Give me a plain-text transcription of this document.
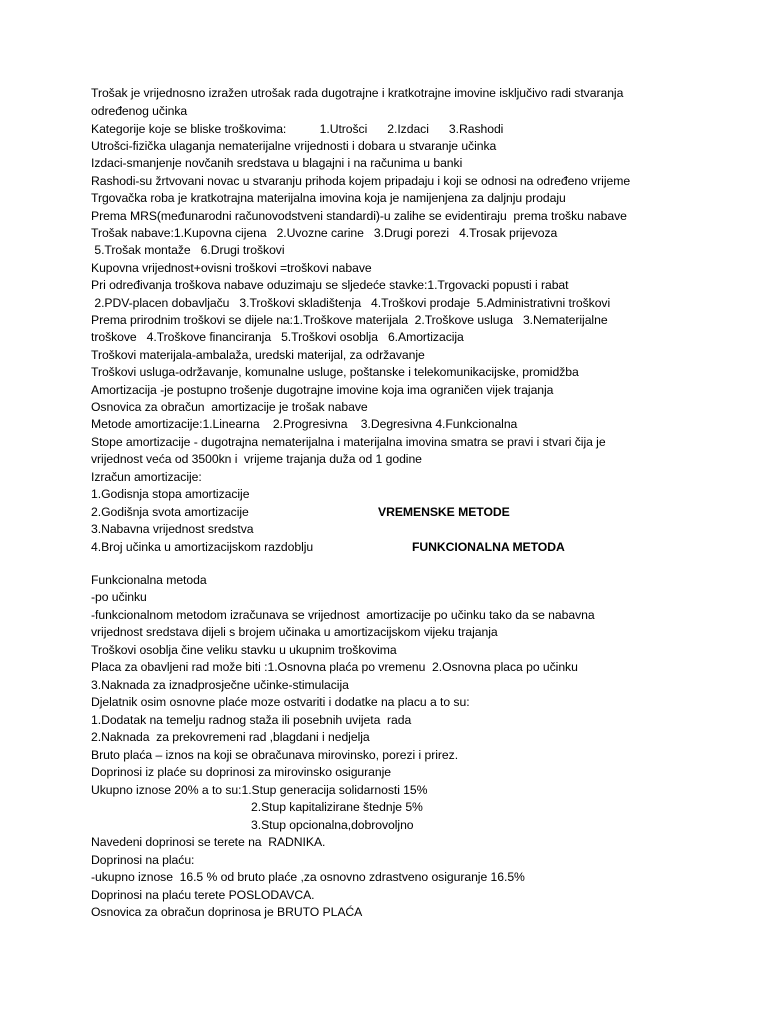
Trošak je vrijednosno izražen utrošak rada dugotrajne i kratkotrajne imovine isključivo radi stvaranja
određenog učinka
Kategorije koje se bliske troškovima:          1.Utrošci      2.Izdaci      3.Rashodi
Utrošci-fizička ulaganja nematerijalne vrijednosti i dobara u stvaranje učinka
Izdaci-smanjenje novčanih sredstava u blagajni i na računima u banki
Rashodi-su žrtvovani novac u stvaranju prihoda kojem pripadaju i koji se odnosi na određeno vrijeme
Trgovačka roba je kratkotrajna materijalna imovina koja je namijenjena za daljnju prodaju
Prema MRS(međunarodni računovodstveni standardi)-u zalihe se evidentiraju  prema trošku nabave
Trošak nabave:1.Kupovna cijena   2.Uvozne carine   3.Drugi porezi   4.Trosak prijevoza
5.Trošak montaže   6.Drugi troškovi
Kupovna vrijednost+ovisni troškovi =troškovi nabave
Pri određivanja troškova nabave oduzimaju se sljedeće stavke:1.Trgovacki popusti i rabat
2.PDV-placen dobavljaču   3.Troškovi skladištenja   4.Troškovi prodaje  5.Administrativni troškovi
Prema prirodnim troškovi se dijele na:1.Troškove materijala  2.Troškove usluga   3.Nematerijalne
troškove   4.Troškove financiranja   5.Troškovi osoblja   6.Amortizacija
Troškovi materijala-ambalaža, uredski materijal, za održavanje
Troškovi usluga-održavanje, komunalne usluge, poštanske i telekomunikacijske, promidžba
Amortizacija -je postupno trošenje dugotrajne imovine koja ima ograničen vijek trajanja
Osnovica za obračun  amortizacije je trošak nabave
Metode amortizacije:1.Linearna    2.Progresivna    3.Degresivna 4.Funkcionalna
Stope amortizacije - dugotrajna nematerijalna i materijalna imovina smatra se pravi i stvari čija je
vrijednost veća od 3500kn i  vrijeme trajanja duža od 1 godine
Izračun amortizacije:
1.Godisnja stopa amortizacije
2.Godišnja svota amortizacije	VREMENSKE METODE
3.Nabavna vrijednost sredstva
4.Broj učinka u amortizacijskom razdoblju	FUNKCIONALNA METODA
Funkcionalna metoda
-po učinku
-funkcionalnom metodom izračunava se vrijednost  amortizacije po učinku tako da se nabavna
vrijednost sredstava dijeli s brojem učinaka u amortizacijskom vijeku trajanja
Troškovi osoblja čine veliku stavku u ukupnim troškovima
Placa za obavljeni rad može biti :1.Osnovna plaća po vremenu  2.Osnovna placa po učinku
3.Naknada za iznadprosječne učinke-stimulacija
Djelatnik osim osnovne plaće moze ostvariti i dodatke na placu a to su:
1.Dodatak na temelju radnog staža ili posebnih uvijeta  rada
2.Naknada  za prekovremeni rad ,blagdani i nedjelja
Bruto plaća – iznos na koji se obračunava mirovinsko, porezi i prirez.
Doprinosi iz plaće su doprinosi za mirovinsko osiguranje
Ukupno iznose 20% a to su:1.Stup generacija solidarnosti 15%
2.Stup kapitalizirane štednje 5%
3.Stup opcionalna,dobrovoljno
Navedeni doprinosi se terete na  RADNIKA.
Doprinosi na plaću:
-ukupno iznose  16.5 % od bruto plaće ,za osnovno zdrastveno osiguranje 16.5%
Doprinosi na plaću terete POSLODAVCA.
Osnovica za obračun doprinosa je BRUTO PLAĆA
